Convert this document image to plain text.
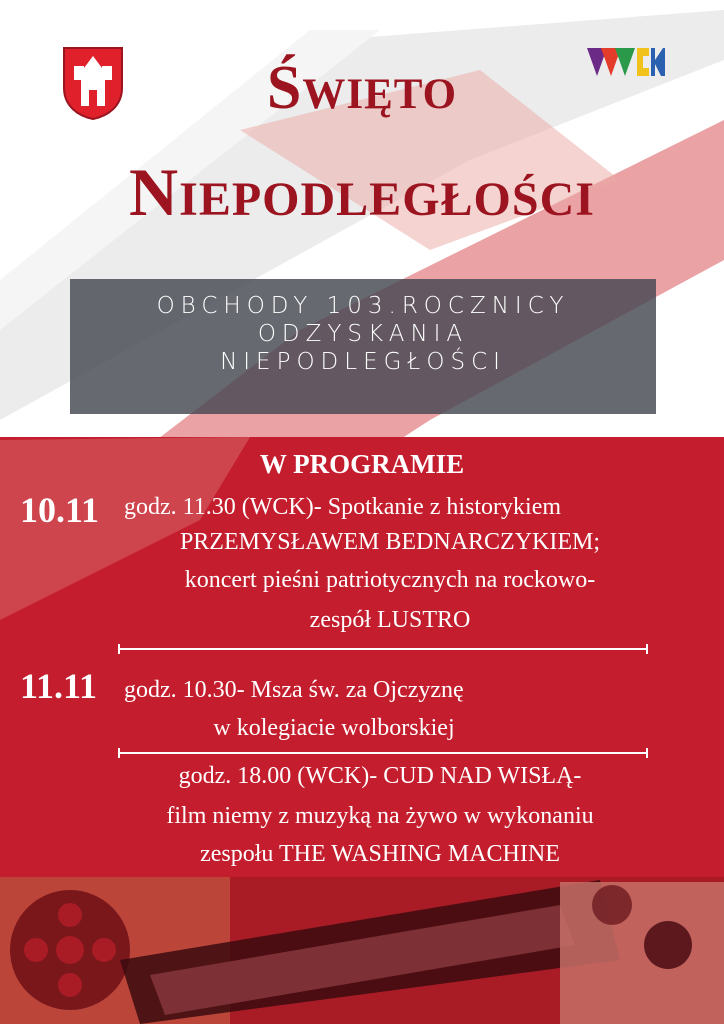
Święto
Niepodległości
OBCHODY 103.ROCZNICY
ODZYSKANIA
NIEPODLEGŁOŚCI
W PROGRAMIE
10.11 godz. 11.30 (WCK)- Spotkanie z historykiem
PRZEMYSŁAWEM BEDNARCZYKIEM;
koncert pieśni patriotycznych na rockowo-
zespół LUSTRO
11.11 godz. 10.30- Msza św. za Ojczyznę
w kolegiacie wolborskiej
godz. 18.00 (WCK)- CUD NAD WISŁĄ-
film niemy z muzyką na żywo w wykonaniu
zespołu THE WASHING MACHINE
